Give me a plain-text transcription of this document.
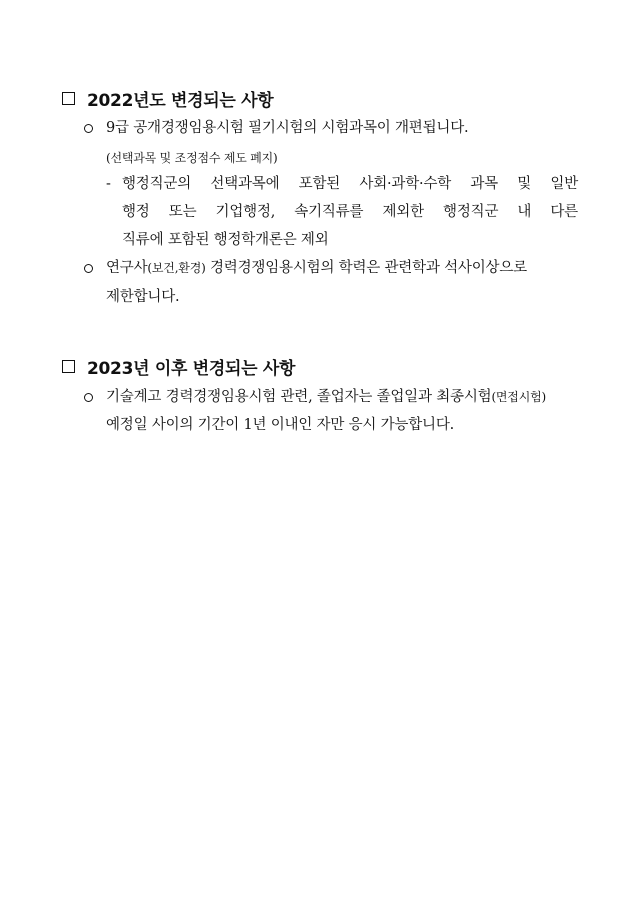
2022년도 변경되는 사항
9급 공개경쟁임용시험 필기시험의 시험과목이 개편됩니다.
(선택과목 및 조정점수 제도 폐지)
- 행정직군의 선택과목에 포함된 사회·과학·수학 과목 및 일반
행정 또는 기업행정, 속기직류를 제외한 행정직군 내 다른
직류에 포함된 행정학개론은 제외
연구사(보건,환경) 경력경쟁임용시험의 학력은 관련학과 석사이상으로
제한합니다.
2023년 이후 변경되는 사항
기술계고 경력경쟁임용시험 관련, 졸업자는 졸업일과 최종시험(면접시험)
예정일 사이의 기간이 1년 이내인 자만 응시 가능합니다.
